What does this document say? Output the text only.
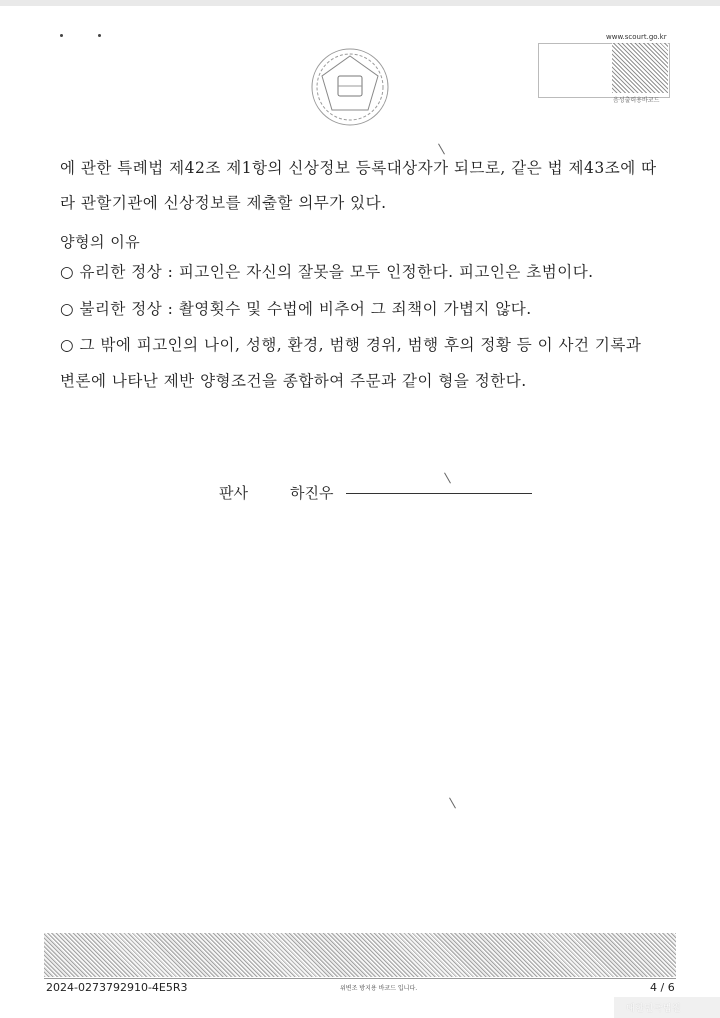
www.scourt.go.kr
음성출력용바코드
에 관한 특례법 제42조 제1항의 신상정보 등록대상자가 되므로, 같은 법 제43조에 따
라 관할기관에 신상정보를 제출할 의무가 있다.
양형의 이유
○ 유리한 정상 : 피고인은 자신의 잘못을 모두 인정한다. 피고인은 초범이다.
○ 불리한 정상 : 촬영횟수 및 수법에 비추어 그 죄책이 가볍지 않다.
○ 그 밖에 피고인의 나이, 성행, 환경, 범행 경위, 범행 후의 정황 등 이 사건 기록과
변론에 나타난 제반 양형조건을 종합하여 주문과 같이 형을 정한다.
판사	하진우
2024-0273792910-4E5R3	위변조 방지용 바코드 입니다.	4 / 6
대한민국법원
